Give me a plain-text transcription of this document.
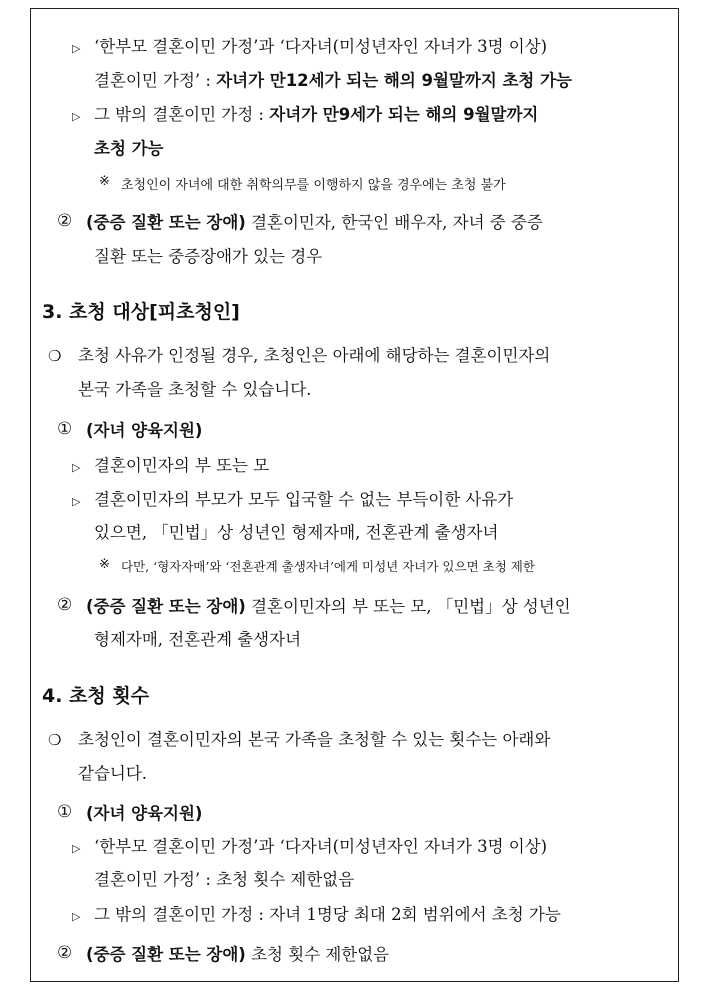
▷ ‘한부모 결혼이민 가정’과 ‘다자녀(미성년자인 자녀가 3명 이상)
결혼이민 가정’ : 자녀가 만12세가 되는 해의 9월말까지 초청 가능
▷ 그 밖의 결혼이민 가정 : 자녀가 만9세가 되는 해의 9월말까지
초청 가능
※ 초청인이 자녀에 대한 취학의무를 이행하지 않을 경우에는 초청 불가
② (중증 질환 또는 장애) 결혼이민자, 한국인 배우자, 자녀 중 중증
질환 또는 중증장애가 있는 경우
3. 초청 대상[피초청인]
❍ 초청 사유가 인정될 경우, 초청인은 아래에 해당하는 결혼이민자의
본국 가족을 초청할 수 있습니다.
① (자녀 양육지원)
▷ 결혼이민자의 부 또는 모
▷ 결혼이민자의 부모가 모두 입국할 수 없는 부득이한 사유가
있으면, 「민법」상 성년인 형제자매, 전혼관계 출생자녀
※ 다만, ‘형자자매’와 ‘전혼관계 출생자녀’에게 미성년 자녀가 있으면 초청 제한
② (중증 질환 또는 장애) 결혼이민자의 부 또는 모, 「민법」상 성년인
형제자매, 전혼관계 출생자녀
4. 초청 횟수
❍ 초청인이 결혼이민자의 본국 가족을 초청할 수 있는 횟수는 아래와
같습니다.
① (자녀 양육지원)
▷ ‘한부모 결혼이민 가정’과 ‘다자녀(미성년자인 자녀가 3명 이상)
결혼이민 가정’ : 초청 횟수 제한없음
▷ 그 밖의 결혼이민 가정 : 자녀 1명당 최대 2회 범위에서 초청 가능
② (중증 질환 또는 장애) 초청 횟수 제한없음
